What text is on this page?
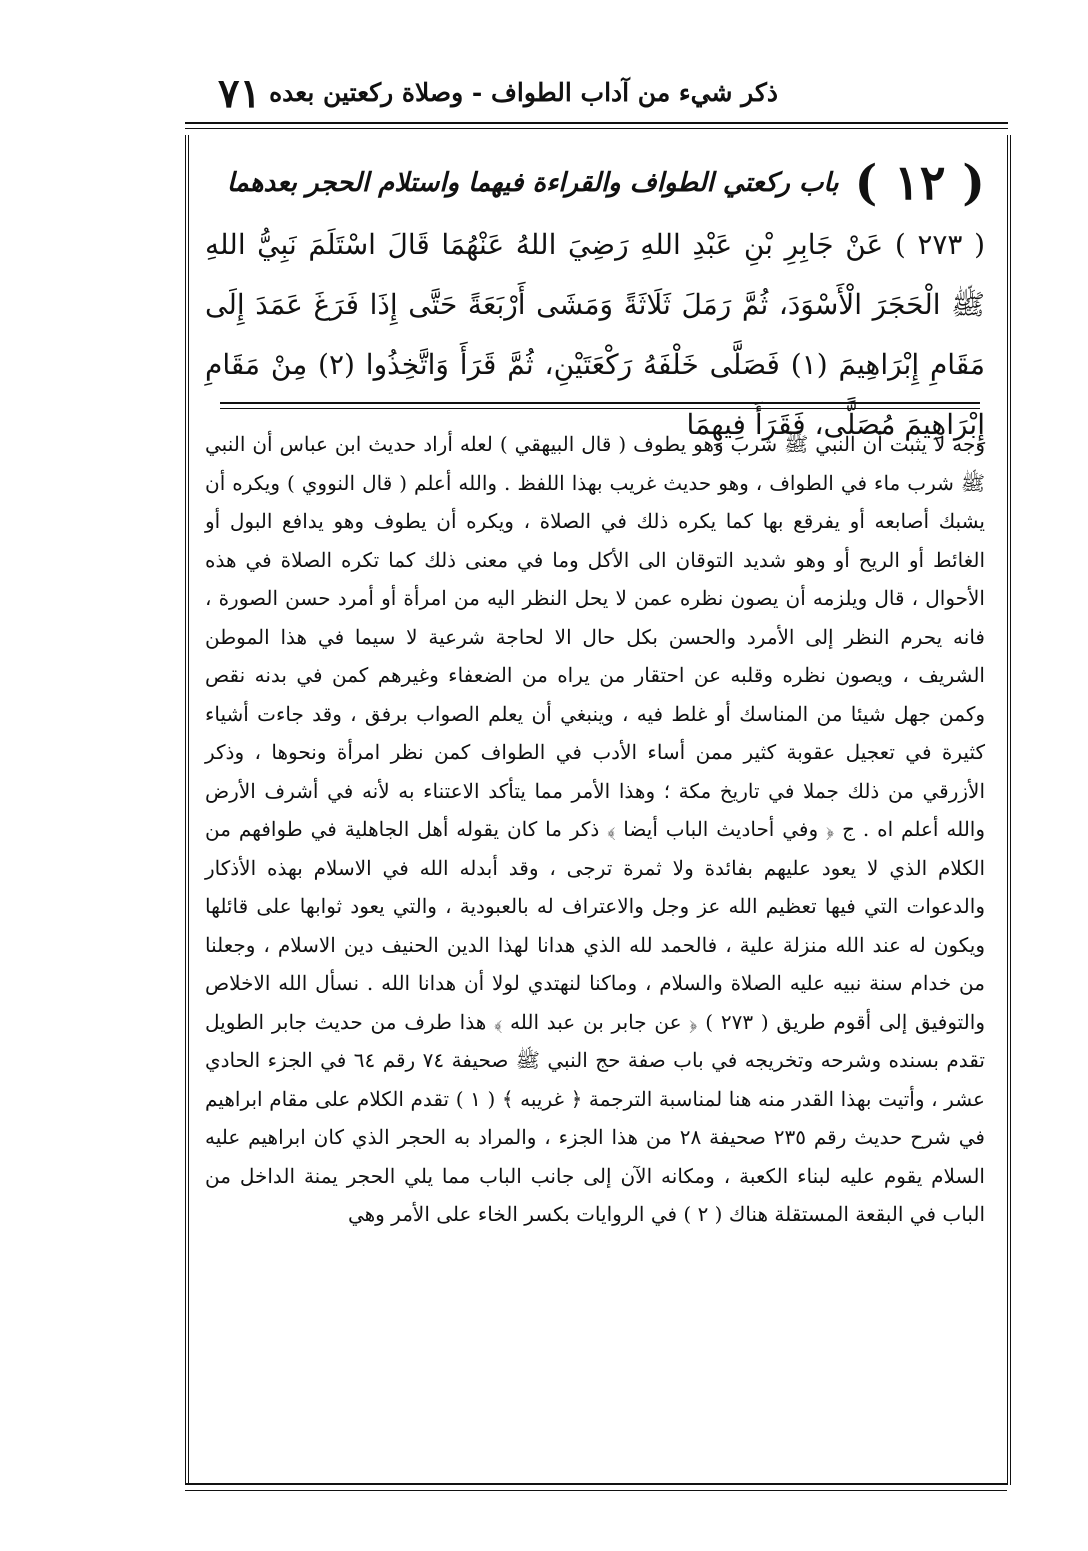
٧١ ذكر شيء من آداب الطواف - وصلاة ركعتين بعده
( ١٢ )
باب ركعتي الطواف والقراءة فيهما واستلام الحجر بعدهما
( ٢٧٣ ) عَنْ جَابِرِ بْنِ عَبْدِ اللهِ رَضِيَ اللهُ عَنْهُمَا قَالَ اسْتَلَمَ نَبِيُّ اللهِ ﷺ الْحَجَرَ الْأَسْوَدَ، ثُمَّ رَمَلَ ثَلَاثَةً وَمَشَى أَرْبَعَةً حَتَّى إِذَا فَرَغَ عَمَدَ إِلَى مَقَامِ إِبْرَاهِيمَ (١) فَصَلَّى خَلْفَهُ رَكْعَتَيْنِ، ثُمَّ قَرَأَ وَاتَّخِذُوا (٢) مِنْ مَقَامِ إِبْرَاهِيمَ مُصَلًّى، فَقَرَأَ فِيهِمَا

وجه لا يثبت أن النبي ﷺ شرب وهو يطوف ( قال البيهقي ) لعله أراد حديث ابن عباس أن النبي ﷺ شرب ماء في الطواف ، وهو حديث غريب بهذا اللفظ . والله أعلم ( قال النووي ) ويكره أن يشبك أصابعه أو يفرقع بها كما يكره ذلك في الصلاة ، ويكره أن يطوف وهو يدافع البول أو الغائط أو الريح أو وهو شديد التوقان الى الأكل وما في معنى ذلك كما تكره الصلاة في هذه الأحوال ، قال ويلزمه أن يصون نظره عمن لا يحل النظر اليه من امرأة أو أمرد حسن الصورة ، فانه يحرم النظر إلى الأمرد والحسن بكل حال الا لحاجة شرعية لا سيما في هذا الموطن الشريف ، ويصون نظره وقلبه عن احتقار من يراه من الضعفاء وغيرهم كمن في بدنه نقص وكمن جهل شيئا من المناسك أو غلط فيه ، وينبغي أن يعلم الصواب برفق ، وقد جاءت أشياء كثيرة في تعجيل عقوبة كثير ممن أساء الأدب في الطواف كمن نظر امرأة ونحوها ، وذكر الأزرقي من ذلك جملا في تاريخ مكة ؛ وهذا الأمر مما يتأكد الاعتناء به لأنه في أشرف الأرض والله أعلم اه . ج ﴿ وفي أحاديث الباب أيضا ﴾ ذكر ما كان يقوله أهل الجاهلية في طوافهم من الكلام الذي لا يعود عليهم بفائدة ولا ثمرة ترجى ، وقد أبدله الله في الاسلام بهذه الأذكار والدعوات التي فيها تعظيم الله عز وجل والاعتراف له بالعبودية ، والتي يعود ثوابها على قائلها ويكون له عند الله منزلة علية ، فالحمد لله الذي هدانا لهذا الدين الحنيف دين الاسلام ، وجعلنا من خدام سنة نبيه عليه الصلاة والسلام ، وماكنا لنهتدي لولا أن هدانا الله . نسأل الله الاخلاص والتوفيق إلى أقوم طريق ( ٢٧٣ ) ﴿ عن جابر بن عبد الله ﴾ هذا طرف من حديث جابر الطويل تقدم بسنده وشرحه وتخريجه في باب صفة حج النبي ﷺ صحيفة ٧٤ رقم ٦٤ في الجزء الحادي عشر ، وأتيت بهذا القدر منه هنا لمناسبة الترجمة ﴿ غريبه ﴾ ( ١ ) تقدم الكلام على مقام ابراهيم في شرح حديث رقم ٢٣٥ صحيفة ٢٨ من هذا الجزء ، والمراد به الحجر الذي كان ابراهيم عليه السلام يقوم عليه لبناء الكعبة ، ومكانه الآن إلى جانب الباب مما يلي الحجر يمنة الداخل من الباب في البقعة المستقلة هناك ( ٢ ) في الروايات بكسر الخاء على الأمر وهي
